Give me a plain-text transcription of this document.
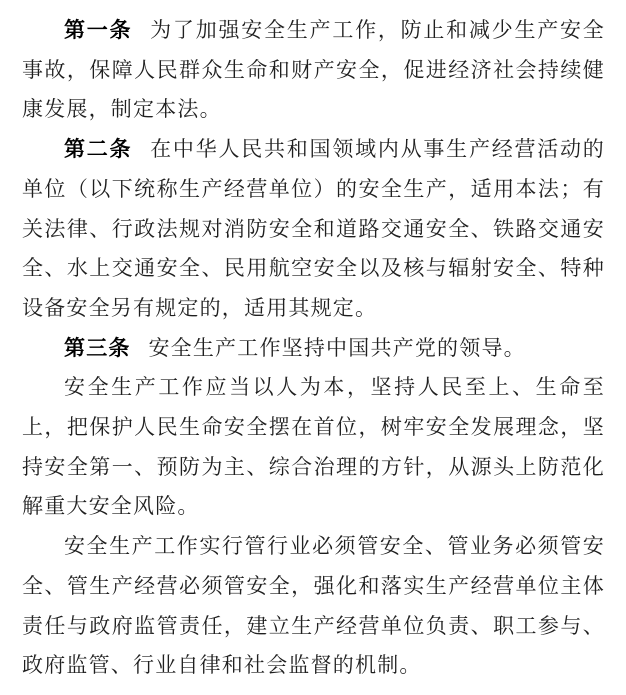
第一条 为了加强安全生产工作，防止和减少生产安全事故，保障人民群众生命和财产安全，促进经济社会持续健康发展，制定本法。

第二条 在中华人民共和国领域内从事生产经营活动的单位（以下统称生产经营单位）的安全生产，适用本法；有关法律、行政法规对消防安全和道路交通安全、铁路交通安全、水上交通安全、民用航空安全以及核与辐射安全、特种设备安全另有规定的，适用其规定。

第三条 安全生产工作坚持中国共产党的领导。

安全生产工作应当以人为本，坚持人民至上、生命至上，把保护人民生命安全摆在首位，树牢安全发展理念，坚持安全第一、预防为主、综合治理的方针，从源头上防范化解重大安全风险。

安全生产工作实行管行业必须管安全、管业务必须管安全、管生产经营必须管安全，强化和落实生产经营单位主体责任与政府监管责任，建立生产经营单位负责、职工参与、政府监管、行业自律和社会监督的机制。
